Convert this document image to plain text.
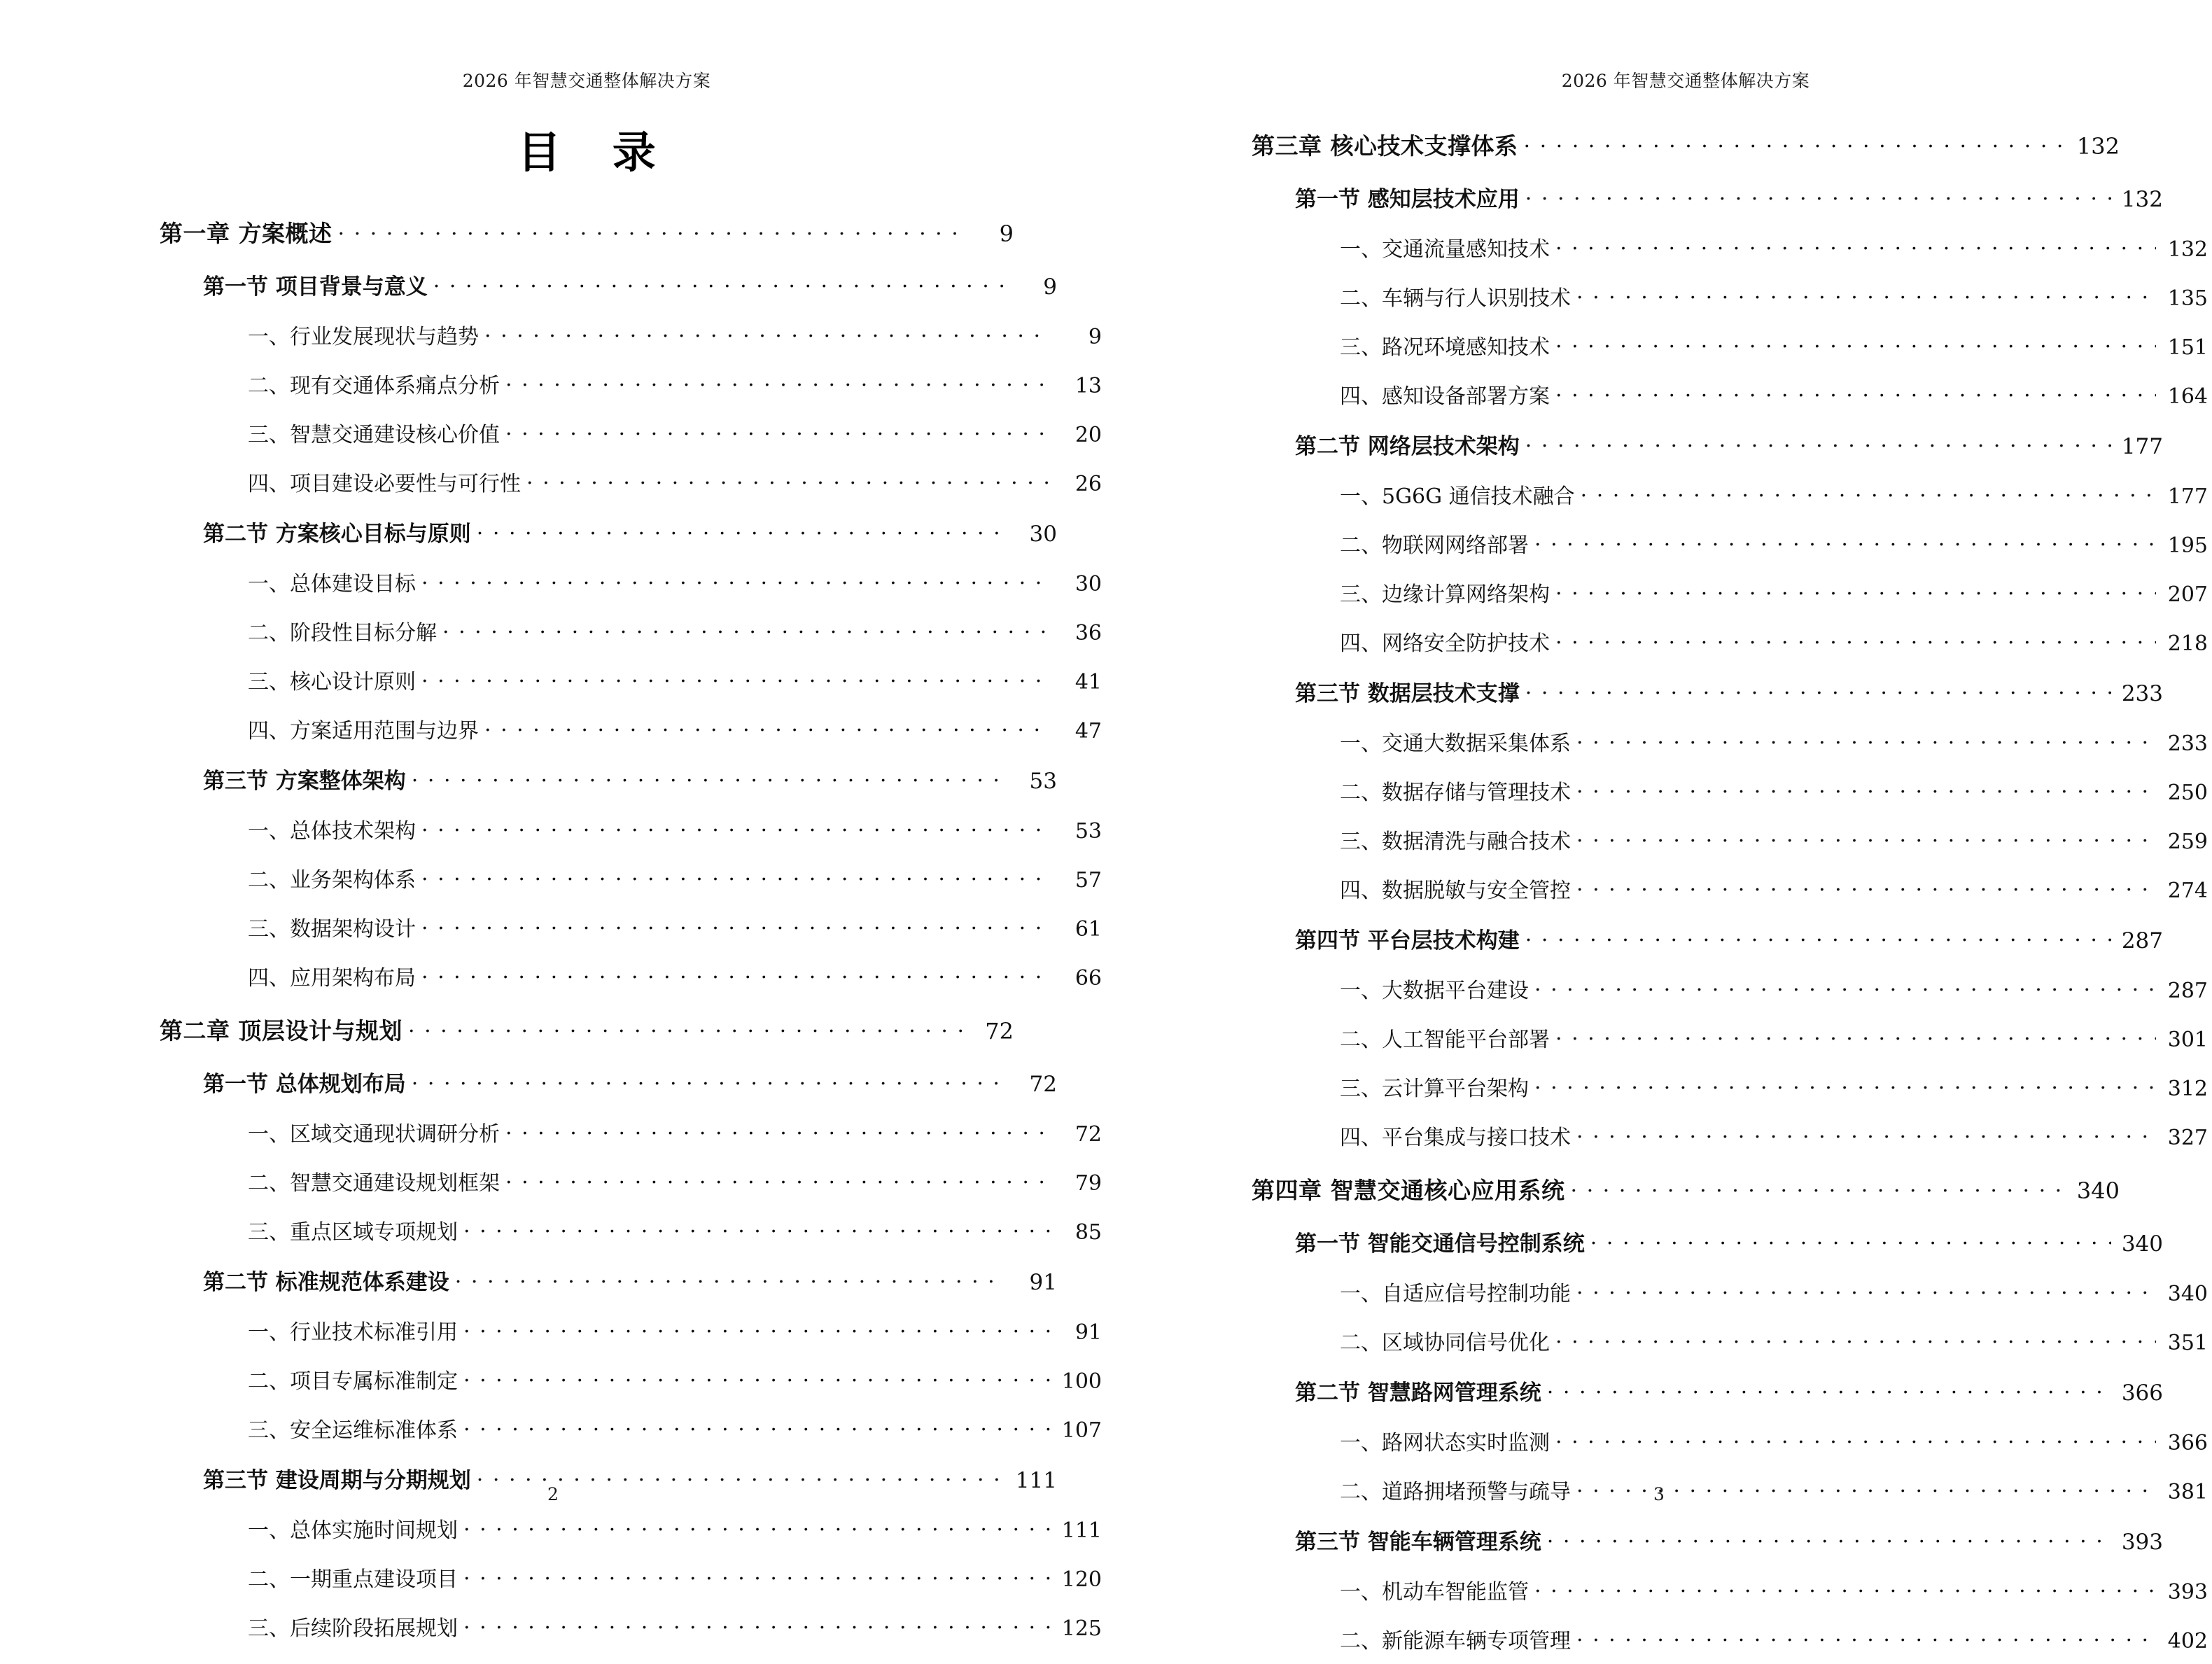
2026 年智慧交通整体解决方案
目 录
第一章 方案概述 . . .	9
第一节 项目背景与意义 . . .	9
一、行业发展现状与趋势 . . .	9
二、现有交通体系痛点分析 . . .	13
三、智慧交通建设核心价值 . . .	20
四、项目建设必要性与可行性 . . .	26
第二节 方案核心目标与原则 . . .	30
一、总体建设目标 . . .	30
二、阶段性目标分解 . . .	36
三、核心设计原则 . . .	41
四、方案适用范围与边界 . . .	47
第三节 方案整体架构 . . .	53
一、总体技术架构 . . .	53
二、业务架构体系 . . .	57
三、数据架构设计 . . .	61
四、应用架构布局 . . .	66
第二章 顶层设计与规划 . . .	72
第一节 总体规划布局 . . .	72
一、区域交通现状调研分析 . . .	72
二、智慧交通建设规划框架 . . .	79
三、重点区域专项规划 . . .	85
第二节 标准规范体系建设 . . .	91
一、行业技术标准引用 . . .	91
二、项目专属标准制定 . . .	100
三、安全运维标准体系 . . .	107
第三节 建设周期与分期规划 . . .	111
一、总体实施时间规划 . . .	111
二、一期重点建设项目 . . .	120
三、后续阶段拓展规划 . . .	125
2
2026 年智慧交通整体解决方案
第三章 核心技术支撑体系 . . .	132
第一节 感知层技术应用 . . .	132
一、交通流量感知技术 . . .	132
二、车辆与行人识别技术 . . .	135
三、路况环境感知技术 . . .	151
四、感知设备部署方案 . . .	164
第二节 网络层技术架构 . . .	177
一、5G6G 通信技术融合 . . .	177
二、物联网网络部署 . . .	195
三、边缘计算网络架构 . . .	207
四、网络安全防护技术 . . .	218
第三节 数据层技术支撑 . . .	233
一、交通大数据采集体系 . . .	233
二、数据存储与管理技术 . . .	250
三、数据清洗与融合技术 . . .	259
四、数据脱敏与安全管控 . . .	274
第四节 平台层技术构建 . . .	287
一、大数据平台建设 . . .	287
二、人工智能平台部署 . . .	301
三、云计算平台架构 . . .	312
四、平台集成与接口技术 . . .	327
第四章 智慧交通核心应用系统 . . .	340
第一节 智能交通信号控制系统 . . .	340
一、自适应信号控制功能 . . .	340
二、区域协同信号优化 . . .	351
第二节 智慧路网管理系统 . . .	366
一、路网状态实时监测 . . .	366
二、道路拥堵预警与疏导 . . .	381
第三节 智能车辆管理系统 . . .	393
一、机动车智能监管 . . .	393
二、新能源车辆专项管理 . . .	402
3
